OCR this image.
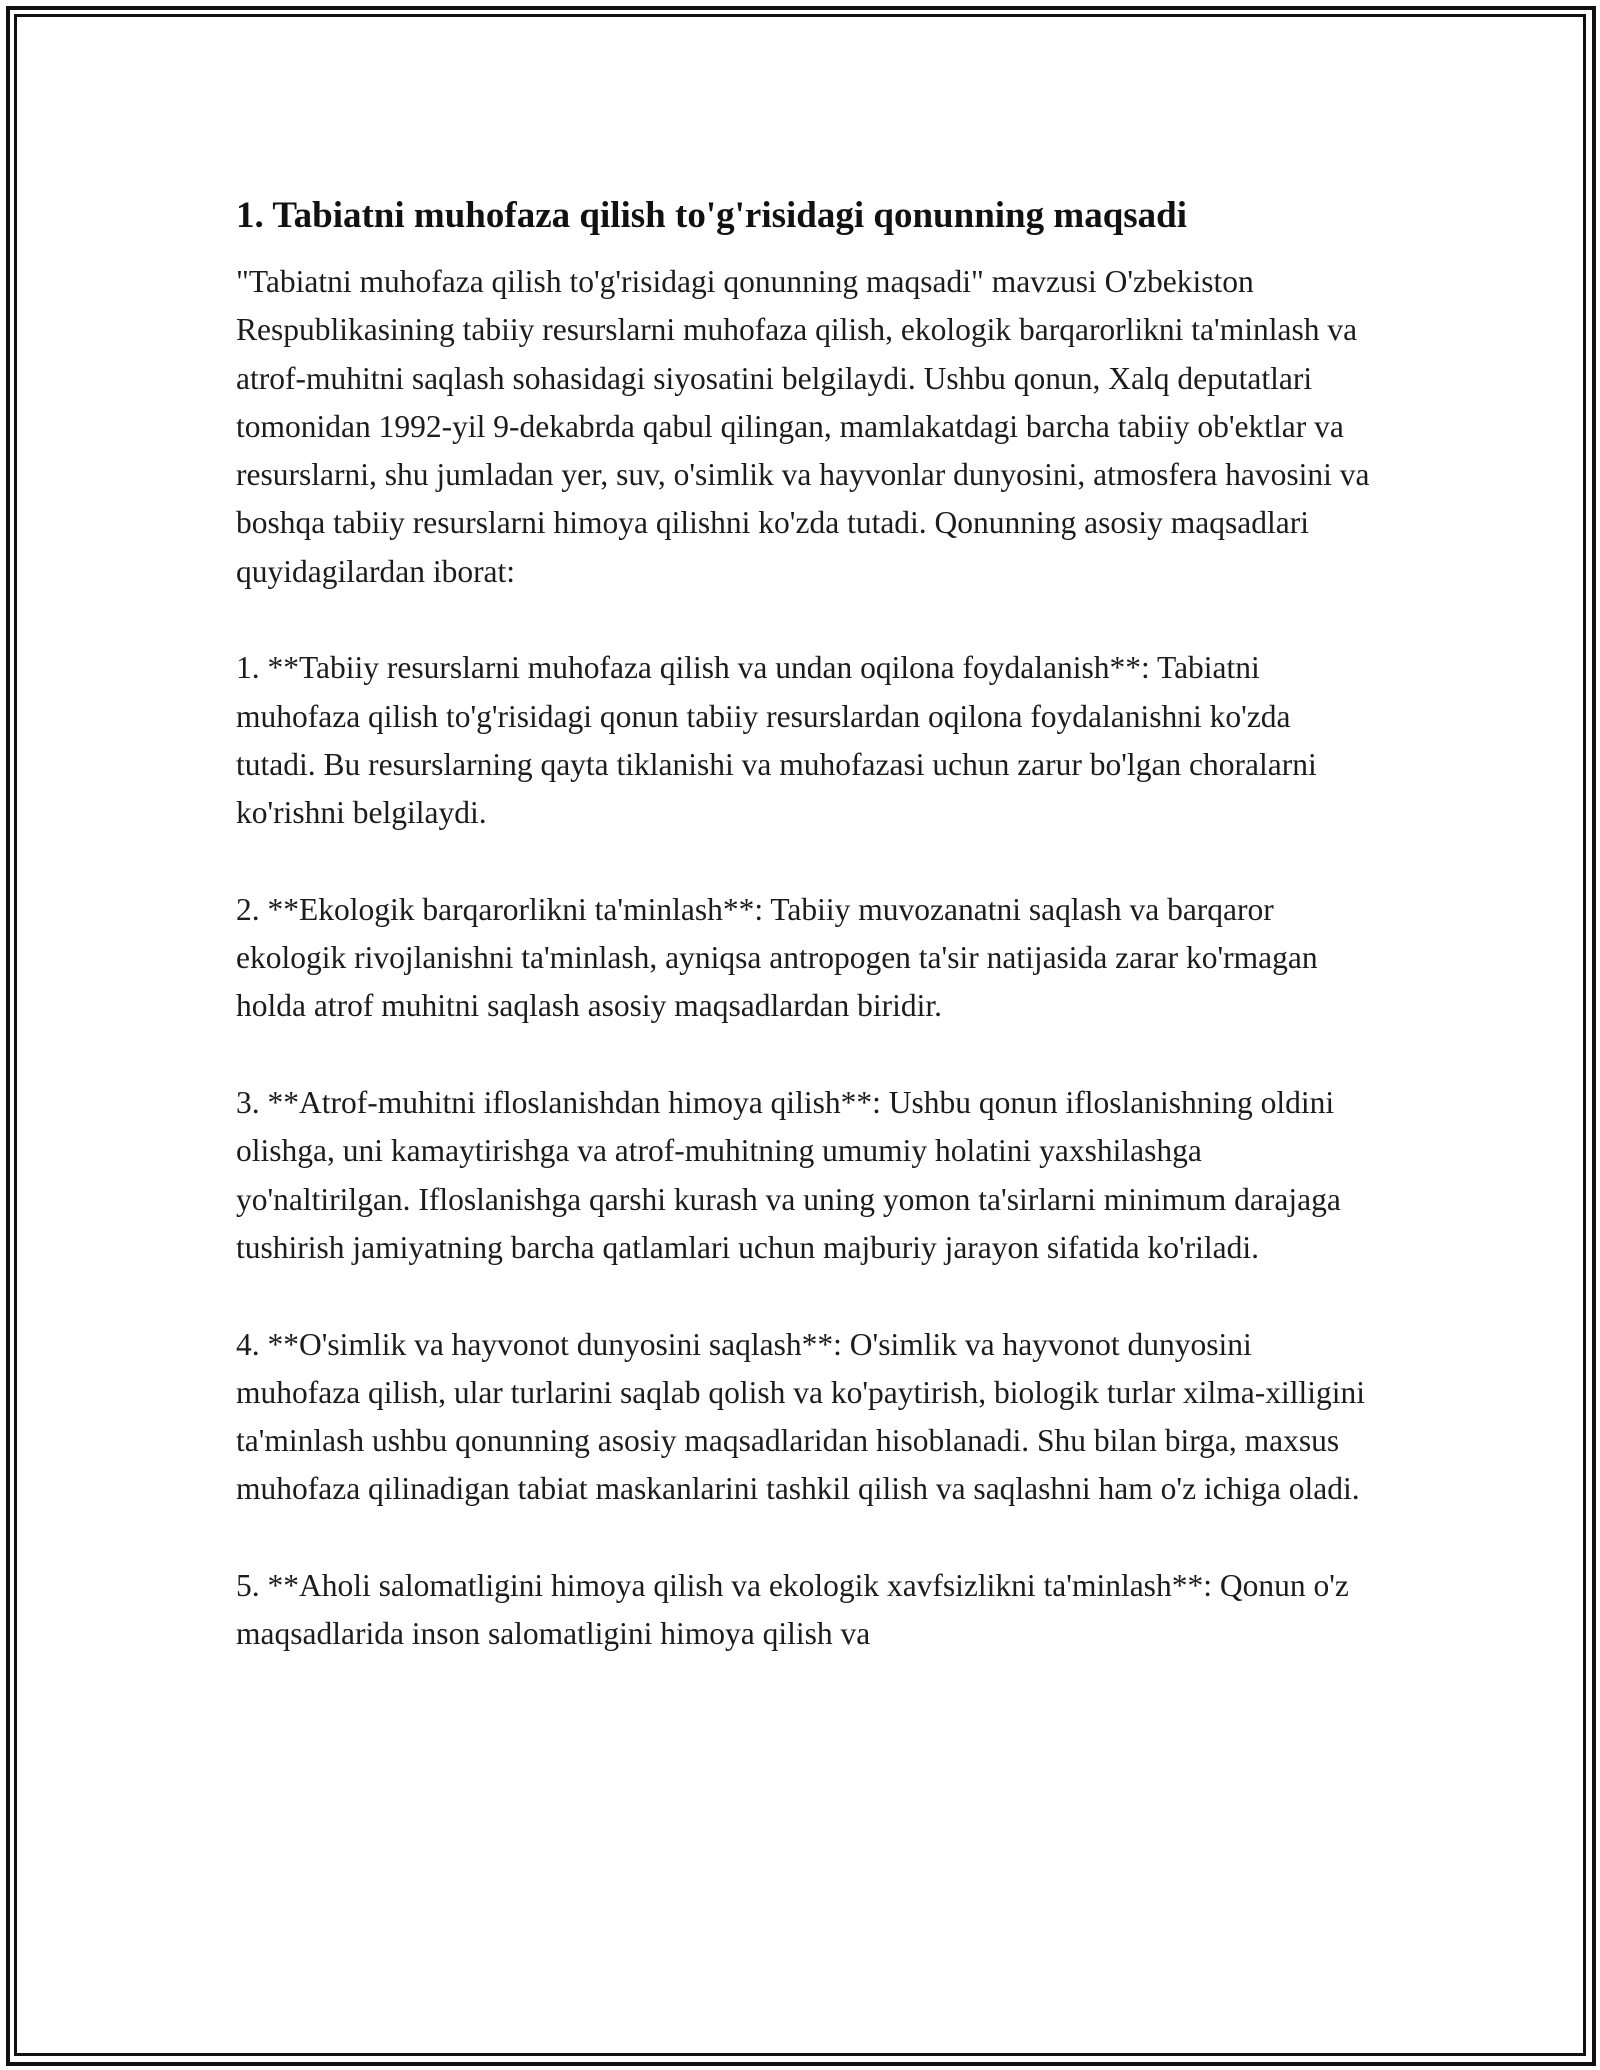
1. Tabiatni muhofaza qilish to'g'risidagi qonunning maqsadi

"Tabiatni muhofaza qilish to'g'risidagi qonunning maqsadi" mavzusi O'zbekiston Respublikasining tabiiy resurslarni muhofaza qilish, ekologik barqarorlikni ta'minlash va atrof-muhitni saqlash sohasidagi siyosatini belgilaydi. Ushbu qonun, Xalq deputatlari tomonidan 1992-yil 9-dekabrda qabul qilingan, mamlakatdagi barcha tabiiy ob'ektlar va resurslarni, shu jumladan yer, suv, o'simlik va hayvonlar dunyosini, atmosfera havosini va boshqa tabiiy resurslarni himoya qilishni ko'zda tutadi. Qonunning asosiy maqsadlari quyidagilardan iborat:

1. **Tabiiy resurslarni muhofaza qilish va undan oqilona foydalanish**: Tabiatni muhofaza qilish to'g'risidagi qonun tabiiy resurslardan oqilona foydalanishni ko'zda tutadi. Bu resurslarning qayta tiklanishi va muhofazasi uchun zarur bo'lgan choralarni ko'rishni belgilaydi.

2. **Ekologik barqarorlikni ta'minlash**: Tabiiy muvozanatni saqlash va barqaror ekologik rivojlanishni ta'minlash, ayniqsa antropogen ta'sir natijasida zarar ko'rmagan holda atrof muhitni saqlash asosiy maqsadlardan biridir.

3. **Atrof-muhitni ifloslanishdan himoya qilish**: Ushbu qonun ifloslanishning oldini olishga, uni kamaytirishga va atrof-muhitning umumiy holatini yaxshilashga yo'naltirilgan. Ifloslanishga qarshi kurash va uning yomon ta'sirlarni minimum darajaga tushirish jamiyatning barcha qatlamlari uchun majburiy jarayon sifatida ko'riladi.

4. **O'simlik va hayvonot dunyosini saqlash**: O'simlik va hayvonot dunyosini muhofaza qilish, ular turlarini saqlab qolish va ko'paytirish, biologik turlar xilma-xilligini ta'minlash ushbu qonunning asosiy maqsadlaridan hisoblanadi. Shu bilan birga, maxsus muhofaza qilinadigan tabiat maskanlarini tashkil qilish va saqlashni ham o'z ichiga oladi.

5. **Aholi salomatligini himoya qilish va ekologik xavfsizlikni ta'minlash**: Qonun o'z maqsadlarida inson salomatligini himoya qilish va
